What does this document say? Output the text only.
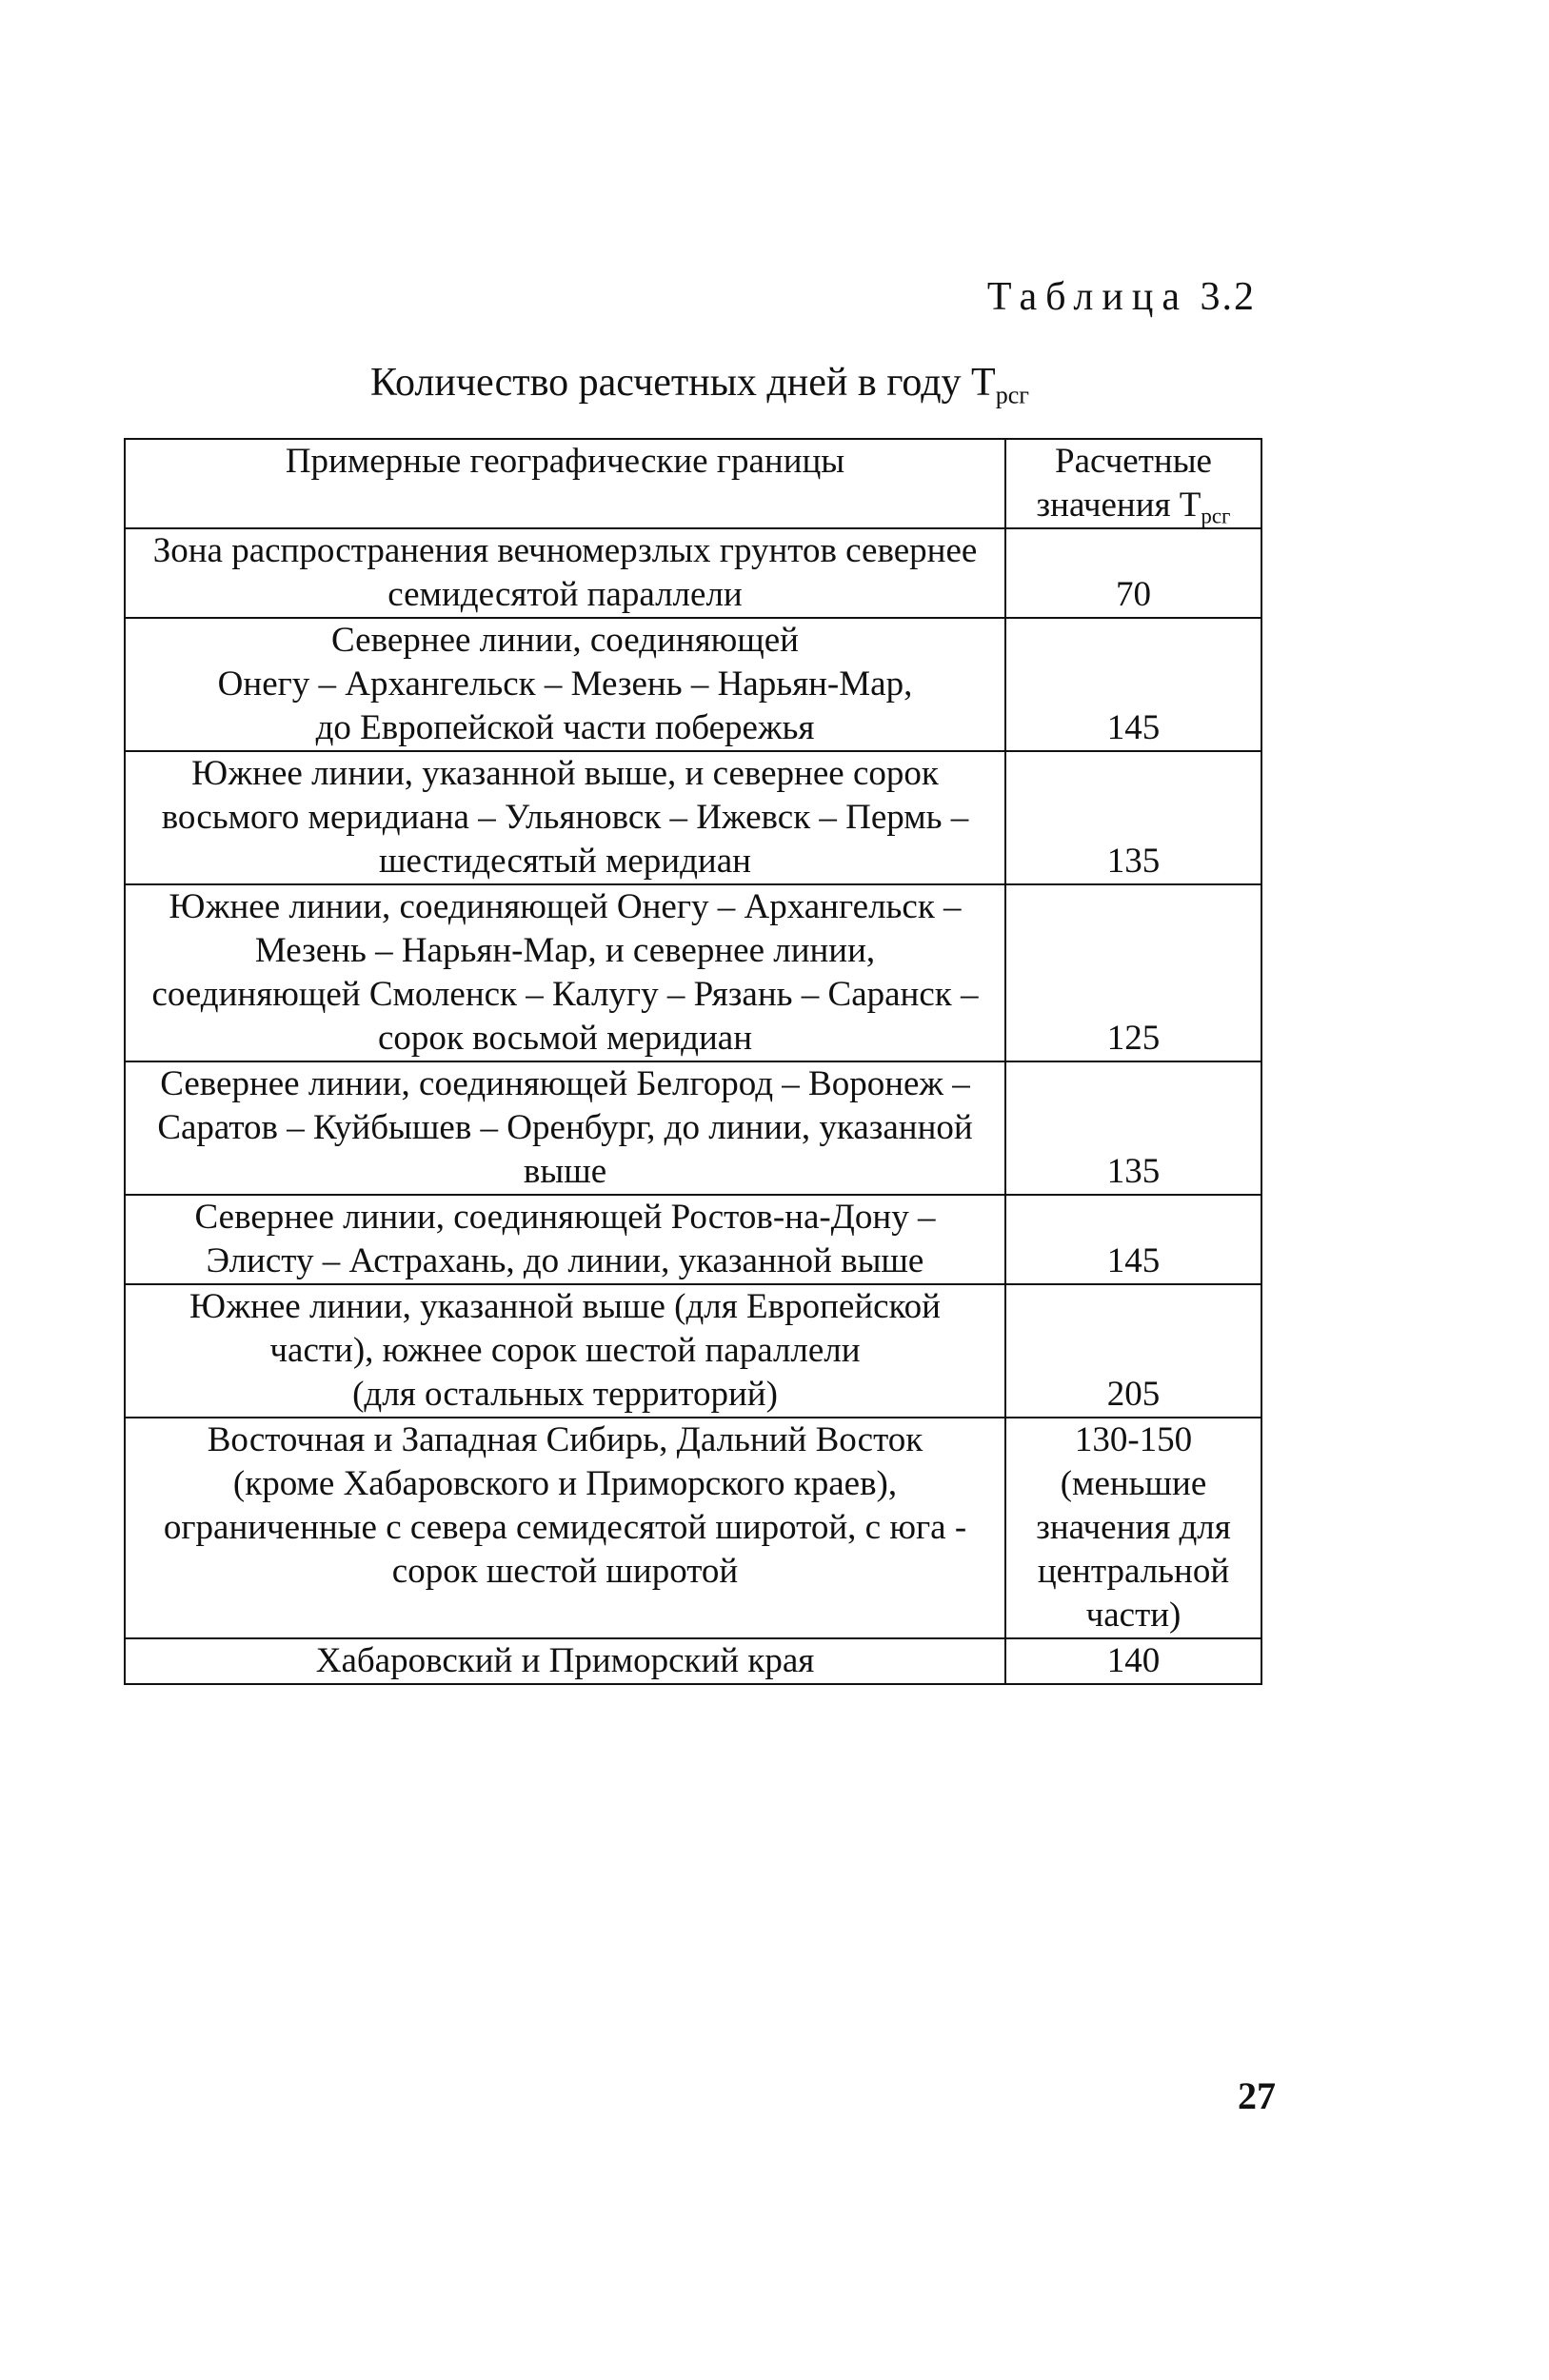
Таблица 3.2
Количество расчетных дней в году $T_{рсг}$
Примерные географические границы	Расчетные
значения $T_{рсг}$

Зона распространения вечномерзлых грунтов севернее
семидесятой параллели	70

Севернее линии, соединяющей
Онегу – Архангельск – Мезень – Нарьян-Мар,
до Европейской части побережья	145

Южнее линии, указанной выше, и севернее сорок
восьмого меридиана – Ульяновск – Ижевск – Пермь –
шестидесятый меридиан	135

Южнее линии, соединяющей Онегу – Архангельск –
Мезень – Нарьян-Мар, и севернее линии,
соединяющей Смоленск – Калугу – Рязань – Саранск –
сорок восьмой меридиан	125

Севернее линии, соединяющей Белгород – Воронеж –
Саратов – Куйбышев – Оренбург, до линии, указанной
выше	135

Севернее линии, соединяющей Ростов-на-Дону –
Элисту – Астрахань, до линии, указанной выше	145

Южнее линии, указанной выше (для Европейской
части), южнее сорок шестой параллели
(для остальных территорий)	205

Восточная и Западная Сибирь, Дальний Восток
(кроме Хабаровского и Приморского краев),
ограниченные с севера семидесятой широтой, с юга -
сорок шестой широтой	130-150
(меньшие
значения для
центральной
части)

Хабаровский и Приморский края	140
27
